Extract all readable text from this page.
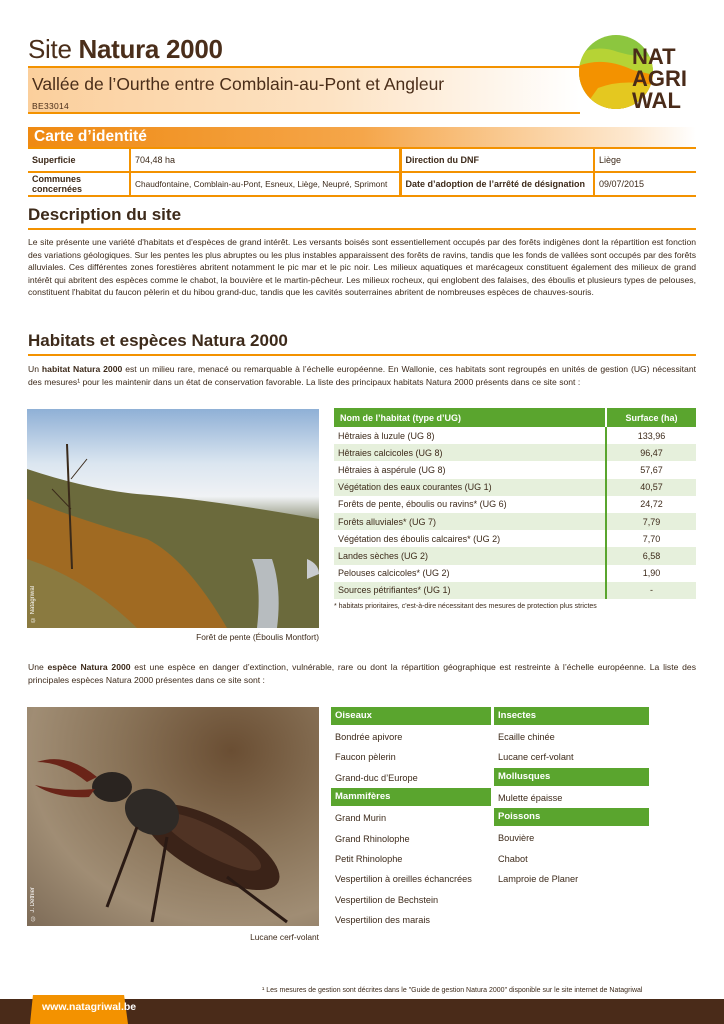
Site Natura 2000
Vallée de l’Ourthe entre Comblain-au-Pont et Angleur
BE33014
NAT
AGRI
WAL
Carte d’identité
Superficie	704,48 ha	Direction du DNF	Liège
Communes concernées	Chaudfontaine, Comblain-au-Pont, Esneux, Liège, Neupré, Sprimont	Date d’adoption de l’arrêté de désignation	09/07/2015
Description du site
Le site présente une variété d'habitats et d'espèces de grand intérêt. Les versants boisés sont essentiellement occupés par des forêts indigènes dont la répartition est fonction des variations géologiques. Sur les pentes les plus abruptes ou les plus instables apparaissent des forêts de ravins, tandis que les fonds de vallées sont occupés par des forêts alluviales. Ces différentes zones forestières abritent notamment le pic mar et le pic noir. Les milieux aquatiques et marécageux constituent également des milieux de grand intérêt qui abritent des espèces comme le chabot, la bouvière et le martin-pêcheur. Les milieux rocheux, qui englobent des falaises, des éboulis et plusieurs types de pelouses, constituent l'habitat du faucon pèlerin et du hibou grand-duc, tandis que les cavités souterraines abritent de nombreuses espèces de chauves-souris.
Habitats et espèces Natura 2000
Un habitat Natura 2000 est un milieu rare, menacé ou remarquable à l’échelle européenne. En Wallonie, ces habitats sont regroupés en unités de gestion (UG) nécessitant des mesures¹ pour les maintenir dans un état de conservation favorable. La liste des principaux habitats Natura 2000 présents dans ce site sont :
© Natagriwal
Forêt de pente (Éboulis Montfort)
Nom de l’habitat (type d’UG)	Surface (ha)
Hêtraies à luzule (UG 8)	133,96
Hêtraies calcicoles (UG 8)	96,47
Hêtraies à aspérule (UG 8)	57,67
Végétation des eaux courantes (UG 1)	40,57
Forêts de pente, éboulis ou ravins* (UG 6)	24,72
Forêts alluviales* (UG 7)	7,79
Végétation des éboulis calcaires* (UG 2)	7,70
Landes sèches (UG 2)	6,58
Pelouses calcicoles* (UG 2)	1,90
Sources pétrifiantes* (UG 1)	-
* habitats prioritaires, c'est-à-dire nécessitant des mesures de protection plus strictes
Une espèce Natura 2000 est une espèce en danger d’extinction, vulnérable, rare ou dont la répartition géographique est restreinte à l’échelle européenne. La liste des principales espèces Natura 2000 présentes dans ce site sont :
© J. Dethier
Lucane cerf-volant
Oiseaux
Bondrée apivore
Faucon pèlerin
Grand-duc d’Europe
Mammifères
Grand Murin
Grand Rhinolophe
Petit Rhinolophe
Vespertilion à oreilles échancrées
Vespertilion de Bechstein
Vespertilion des marais
Insectes
Ecaille chinée
Lucane cerf-volant
Mollusques
Mulette épaisse
Poissons
Bouvière
Chabot
Lamproie de Planer
¹ Les mesures de gestion sont décrites dans le "Guide de gestion Natura 2000" disponible sur le site internet de Natagriwal
www.natagriwal.be
